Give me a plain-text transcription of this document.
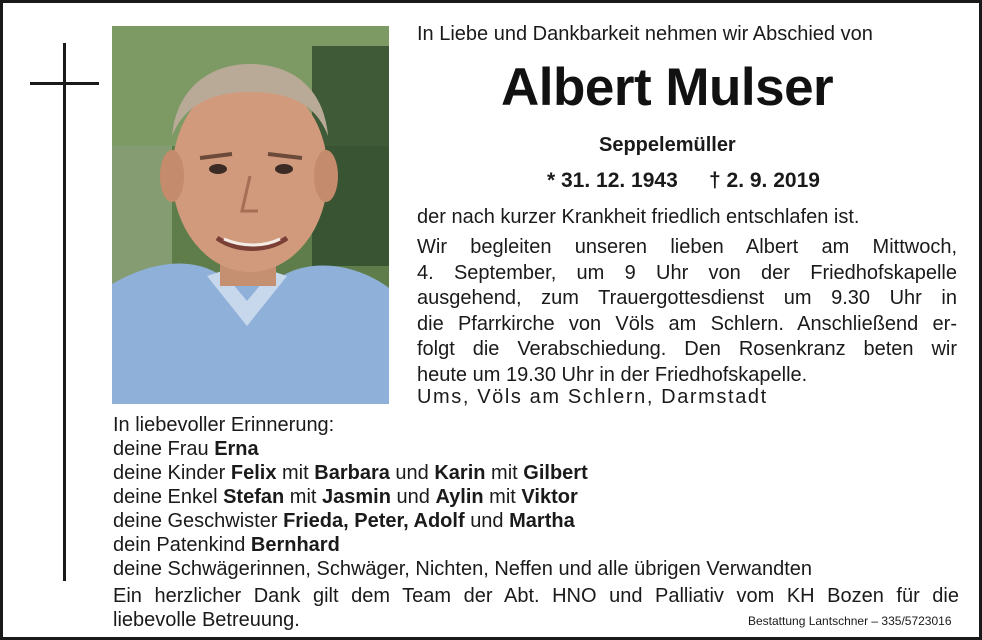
In Liebe und Dankbarkeit nehmen wir Abschied von
Albert Mulser
Seppelemüller
* 31. 12. 1943 † 2. 9. 2019
der nach kurzer Krankheit friedlich entschlafen ist.
Wir begleiten unseren lieben Albert am Mittwoch,
4. September, um 9 Uhr von der Friedhofskapelle
ausgehend, zum Trauergottesdienst um 9.30 Uhr in
die Pfarrkirche von Völs am Schlern. Anschließend er-
folgt die Verabschiedung. Den Rosenkranz beten wir
heute um 19.30 Uhr in der Friedhofskapelle.
Ums, Völs am Schlern, Darmstadt
In liebevoller Erinnerung:
deine Frau Erna
deine Kinder Felix mit Barbara und Karin mit Gilbert
deine Enkel Stefan mit Jasmin und Aylin mit Viktor
deine Geschwister Frieda, Peter, Adolf und Martha
dein Patenkind Bernhard
deine Schwägerinnen, Schwäger, Nichten, Neffen und alle übrigen Verwandten
Ein herzlicher Dank gilt dem Team der Abt. HNO und Palliativ vom KH Bozen für die
liebevolle Betreuung.	Bestattung Lantschner – 335/5723016
